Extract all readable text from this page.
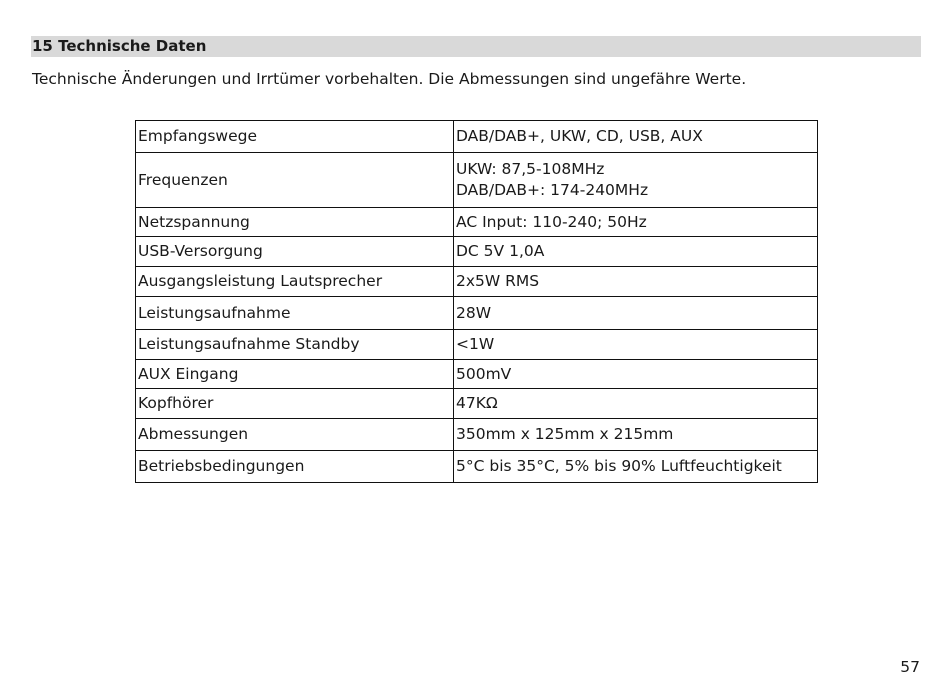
15 Technische Daten
Technische Änderungen und Irrtümer vorbehalten. Die Abmessungen sind ungefähre Werte.
Empfangswege	DAB/DAB+, UKW, CD, USB, AUX
Frequenzen	UKW: 87,5-108MHz
DAB/DAB+: 174-240MHz

Netzspannung	AC Input: 110-240; 50Hz
USB-Versorgung	DC 5V 1,0A
Ausgangsleistung Lautsprecher	2x5W RMS
Leistungsaufnahme	28W
Leistungsaufnahme Standby	<1W
AUX Eingang	500mV
Kopfhörer	47KΩ
Abmessungen	350mm x 125mm x 215mm
Betriebsbedingungen	5°C bis 35°C, 5% bis 90% Luftfeuchtigkeit
57
